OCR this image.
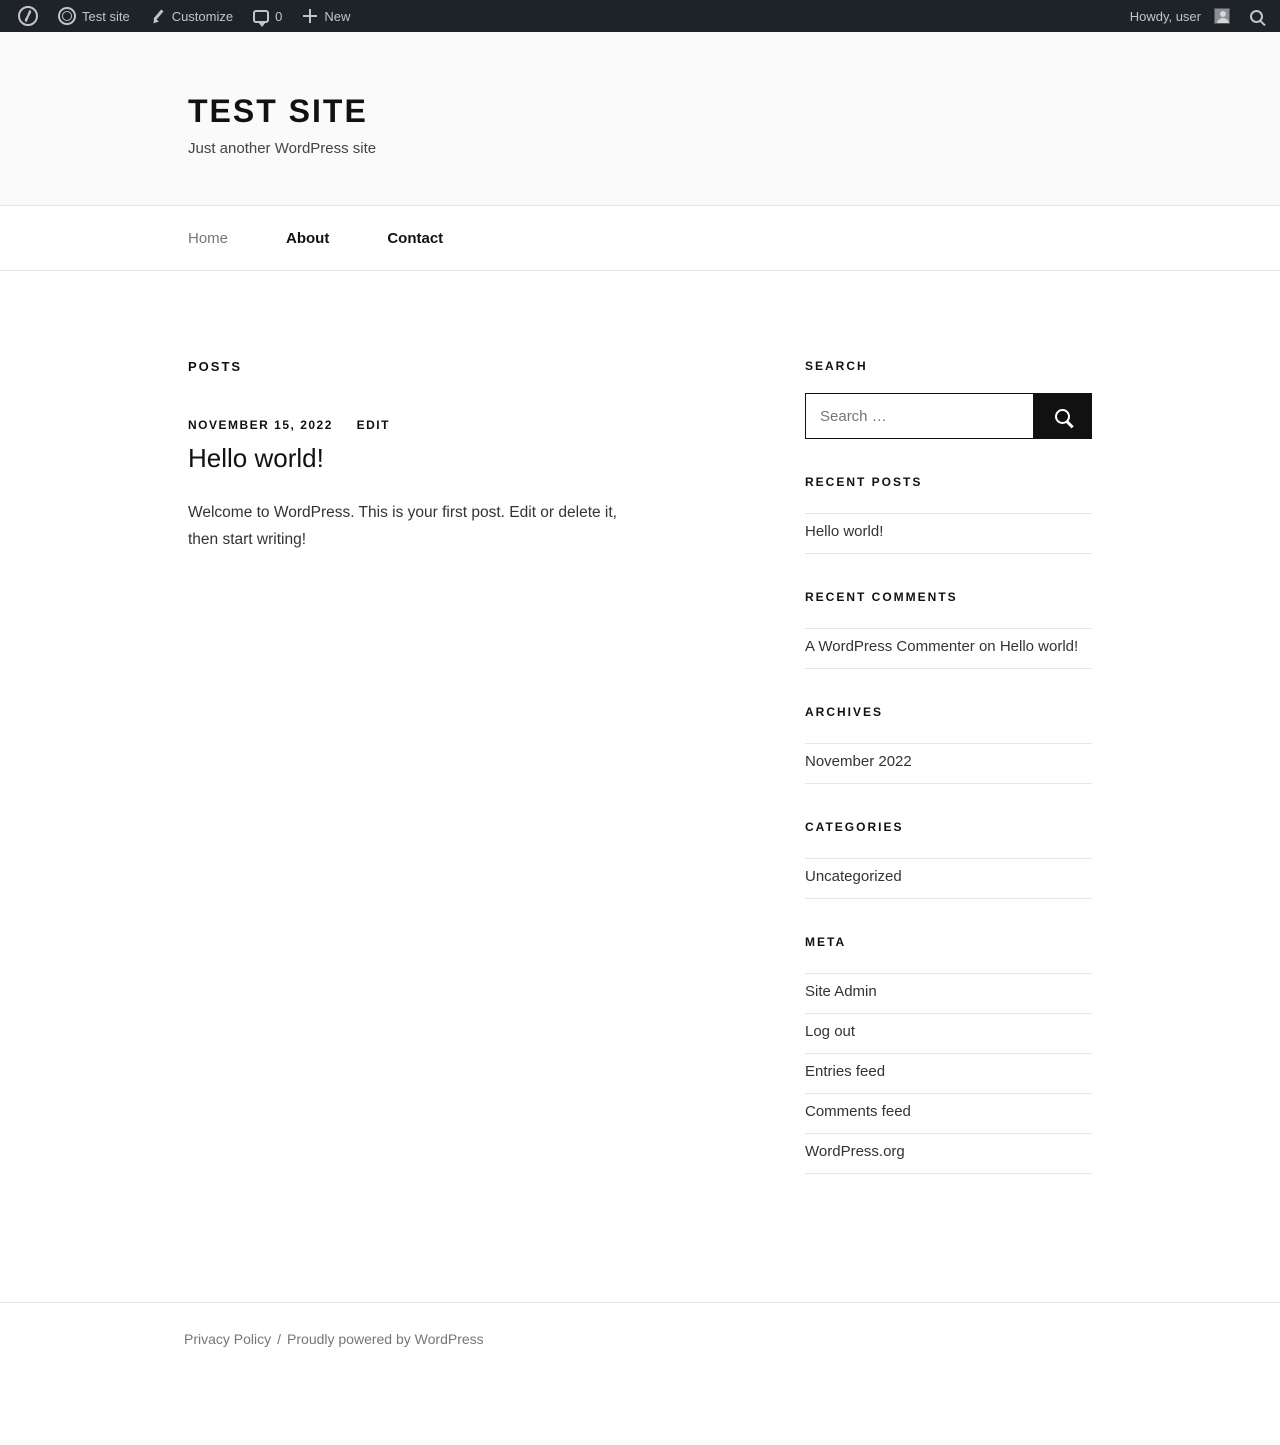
Test site	Customize	0	New	Howdy, user
TEST SITE

Just another WordPress site

Home	About	Contact
POSTS
NOVEMBER 15, 2022 EDIT
Hello world!
Welcome to WordPress. This is your first post. Edit or delete it, then start writing!
SEARCH
Search …
RECENT POSTS
Hello world!
RECENT COMMENTS
A WordPress Commenter on Hello world!
ARCHIVES
November 2022
CATEGORIES
Uncategorized
META
Site Admin
Log out
Entries feed
Comments feed
WordPress.org
Privacy Policy / Proudly powered by WordPress
